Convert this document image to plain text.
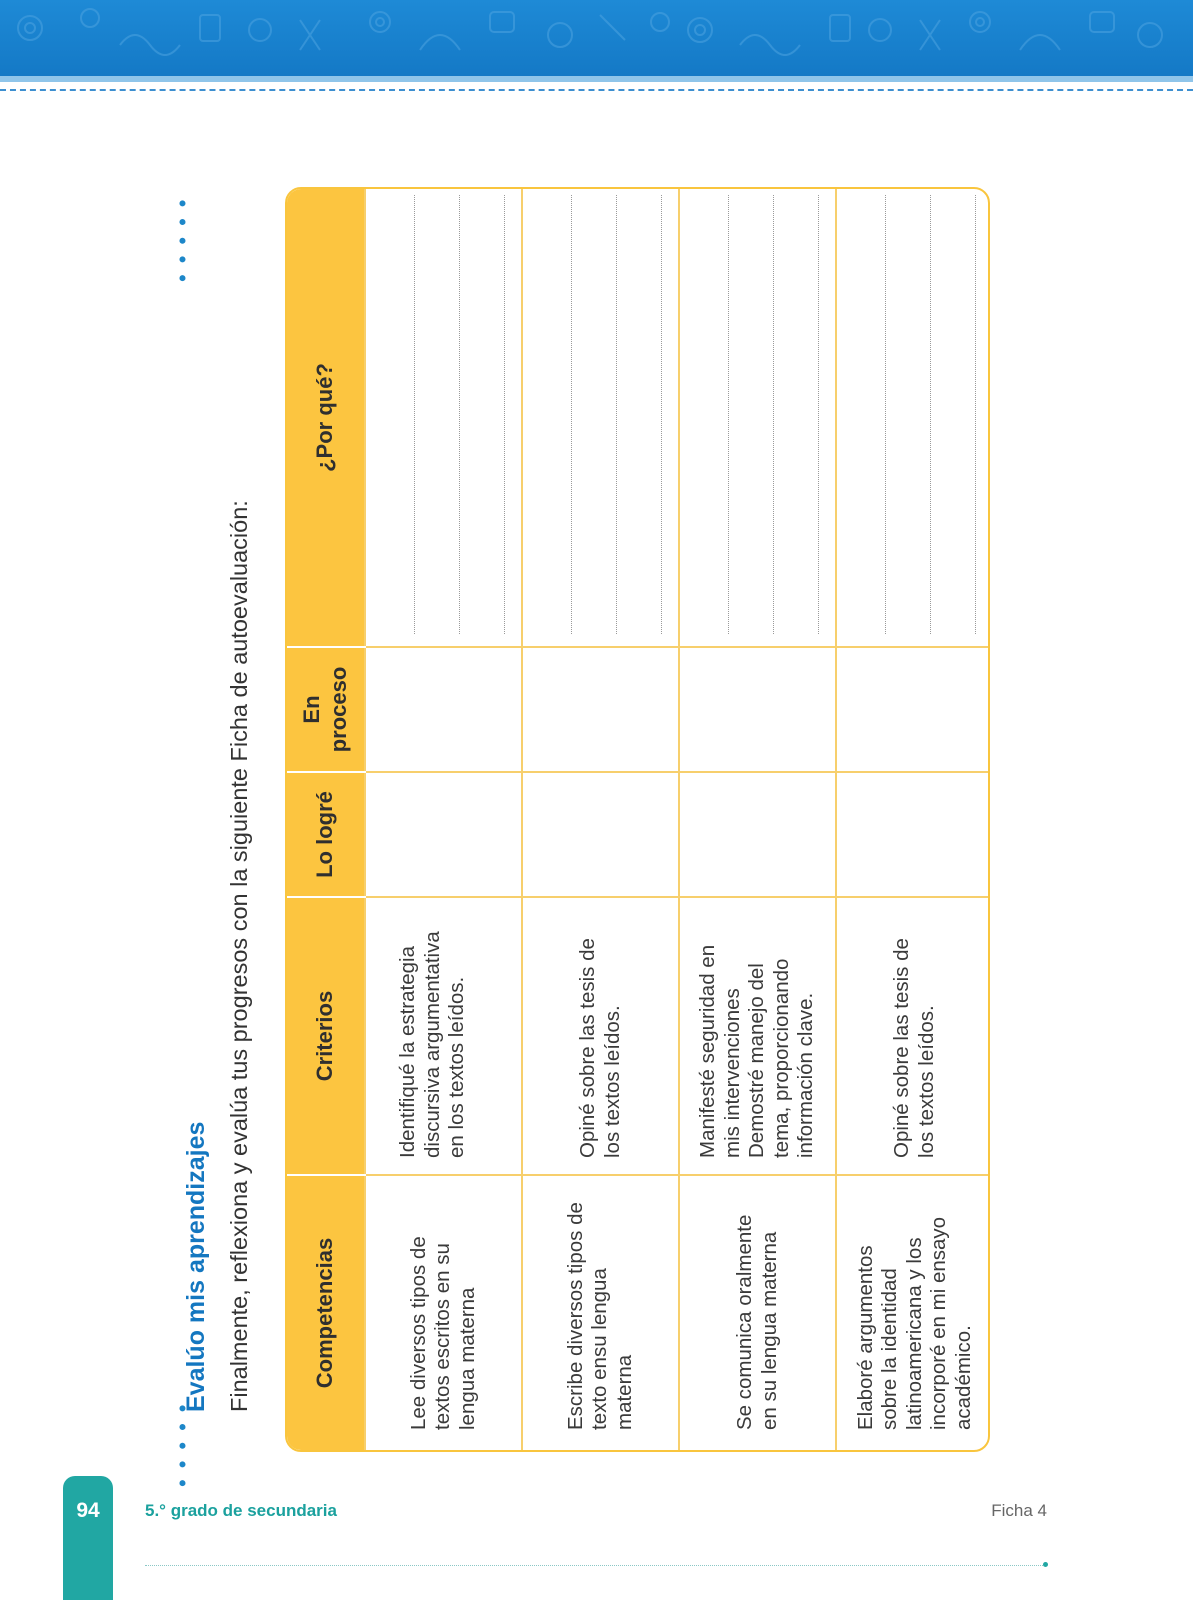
•••••
•••••
Evalúo mis aprendizajes Finalmente, reflexiona y evalúa tus progresos con la siguiente Ficha de autoevaluación:	Competencias	Criterios	Lo logré	En proceso	¿Por qué?
Lee diversos tipos de textos escritos en su lengua materna	Identifiqué la estrategia discursiva argumentativa en los textos leídos.			

Escribe diversos tipos de texto ensu lengua materna	Opiné sobre las tesis de los textos leídos.			

Se comunica oralmente en su lengua materna	Manifesté seguridad en mis intervenciones Demostré manejo del tema, proporcionando información clave.			

Elaboré argumentos sobre la identidad latinoamericana y los incorporé en mi ensayo académico.	Opiné sobre las tesis de los textos leídos.			
94	5.° grado de secundaria	Ficha 4
